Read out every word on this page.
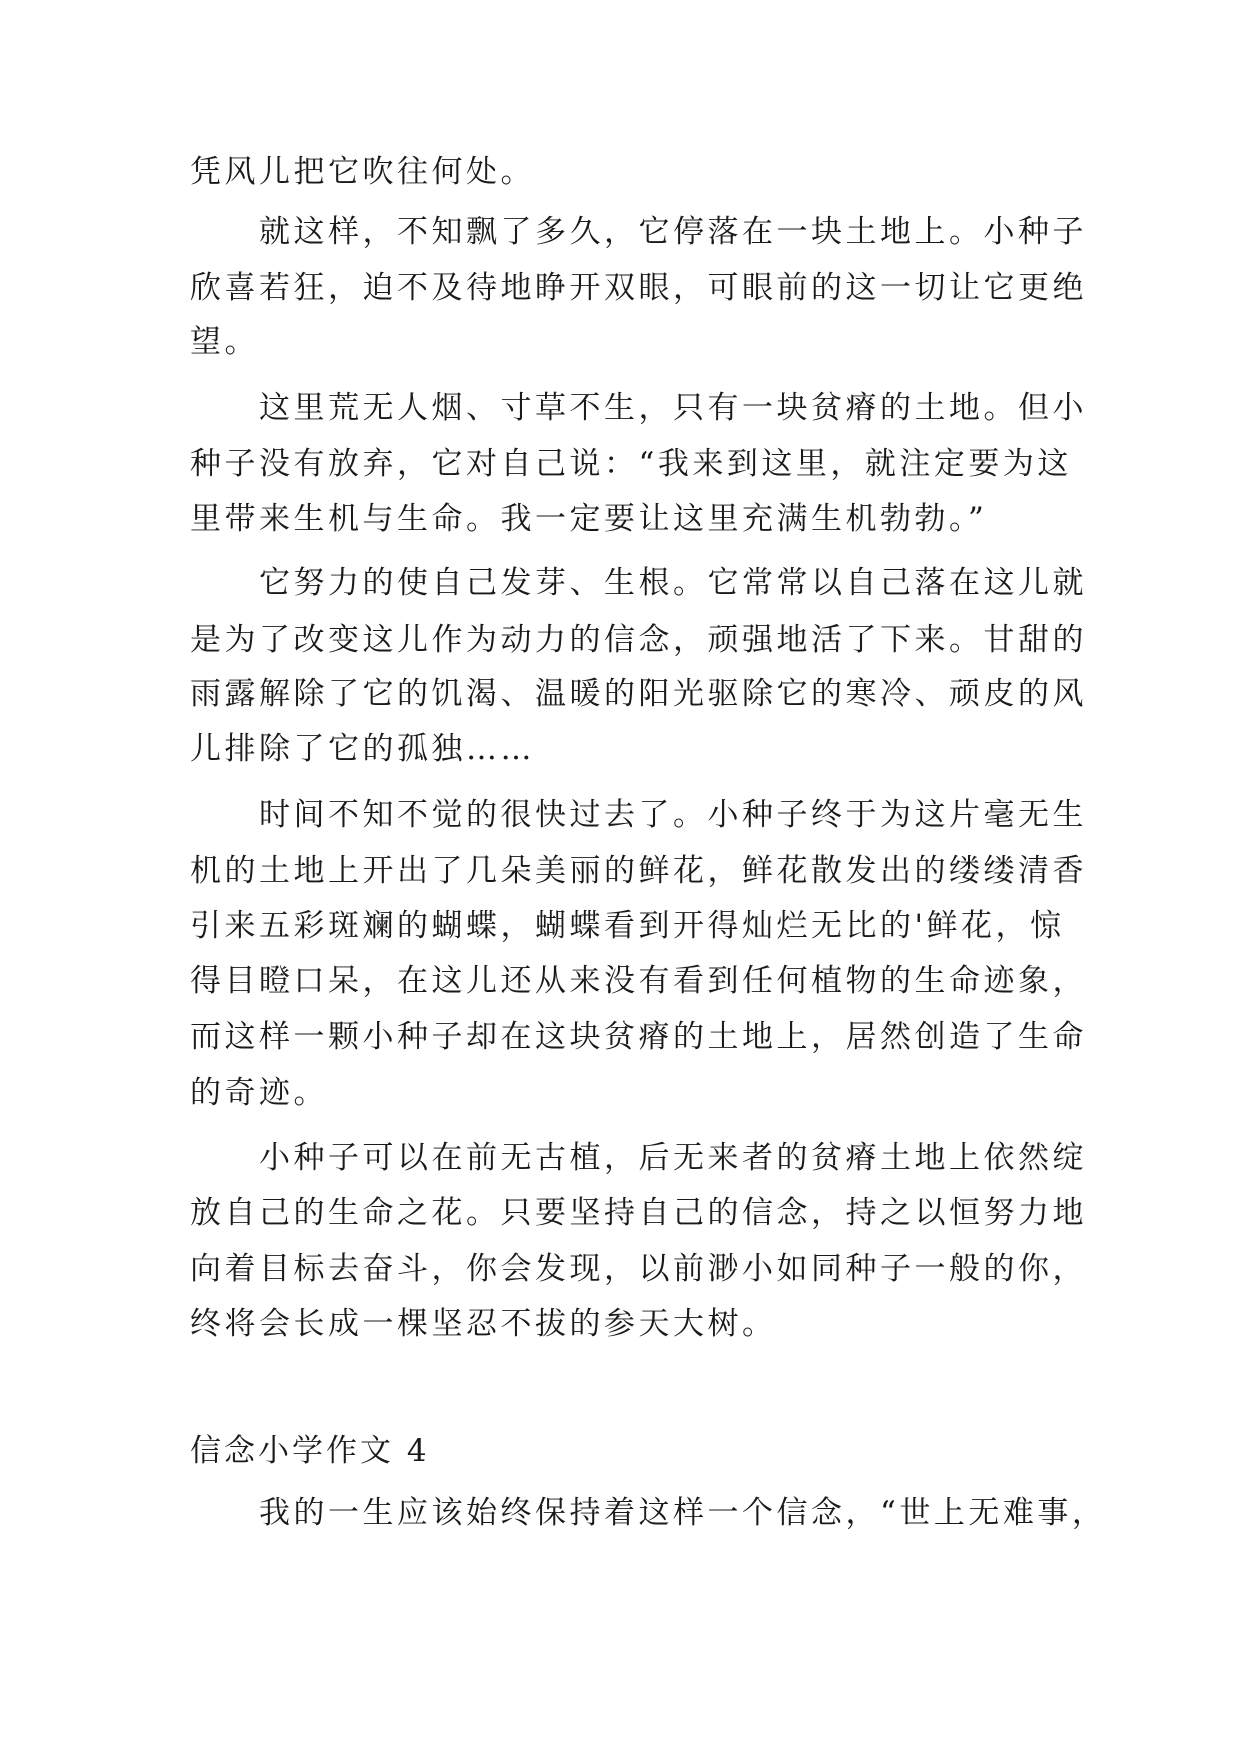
凭风儿把它吹往何处。
　　就这样，不知飘了多久，它停落在一块土地上。小种子
欣喜若狂，迫不及待地睁开双眼，可眼前的这一切让它更绝
望。
　　这里荒无人烟、寸草不生，只有一块贫瘠的土地。但小
种子没有放弃，它对自己说：“我来到这里，就注定要为这
里带来生机与生命。我一定要让这里充满生机勃勃。”
　　它努力的使自己发芽、生根。它常常以自己落在这儿就
是为了改变这儿作为动力的信念，顽强地活了下来。甘甜的
雨露解除了它的饥渴、温暖的阳光驱除它的寒冷、顽皮的风
儿排除了它的孤独……
　　时间不知不觉的很快过去了。小种子终于为这片毫无生
机的土地上开出了几朵美丽的鲜花，鲜花散发出的缕缕清香
引来五彩斑斓的蝴蝶，蝴蝶看到开得灿烂无比的'鲜花，惊
得目瞪口呆，在这儿还从来没有看到任何植物的生命迹象，
而这样一颗小种子却在这块贫瘠的土地上，居然创造了生命
的奇迹。
　　小种子可以在前无古植，后无来者的贫瘠土地上依然绽
放自己的生命之花。只要坚持自己的信念，持之以恒努力地
向着目标去奋斗，你会发现，以前渺小如同种子一般的你，
终将会长成一棵坚忍不拔的参天大树。
信念小学作文 4
　　我的一生应该始终保持着这样一个信念，“世上无难事，
